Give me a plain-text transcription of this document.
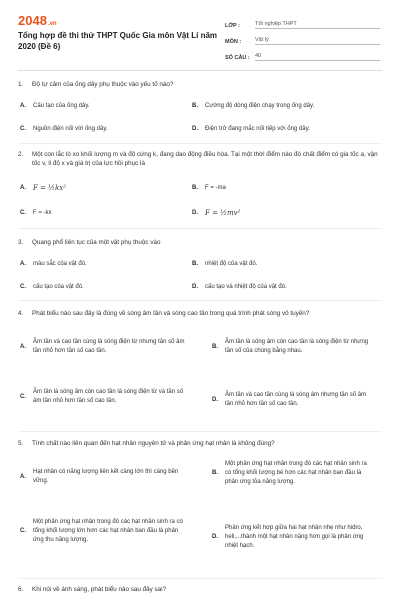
2048.vn
Tổng hợp đề thi thử THPT Quốc Gia môn Vật Lí năm 2020 (Đề 6)
LỚP :	Tốt nghiệp THPT
MÔN :	Vật lý
SỐ CÂU : 40
1.	Độ tự cảm của ống dây phụ thuộc vào yếu tố nào?
A.	Cấu tạo của ống dây.	B.	Cường độ dòng điện chạy trong ống dây.
C.	Nguồn điện nối với ống dây.	D.	Điện trở đang mắc nối tiếp với ống dây.
2.	Một con lắc lò xo khối lượng m và độ cứng k, đang dao động điều hòa. Tại một thời điểm nào đó chất điểm có gia tốc a, vận tốc v, li độ x và giá trị của lực hồi phục là
A.	F = ½kx²	B.	F = -ma
C.	F = -kx	D.	F = ½mv²
3.	Quang phổ liên tục của một vật phụ thuộc vào
A.	màu sắc của vật đó.	B.	nhiệt độ của vật đó.
C.	cấu tạo của vật đó.	D.	cấu tạo và nhiệt độ của vật đó.
4.	Phát biểu nào sau đây là đúng về sóng âm tần và sóng cao tần trong quá trình phát sóng vô tuyến?
A.
Âm tần và cao tần cùng là sóng điện từ nhưng tần số âm tần nhỏ hơn tần số cao tần.
B.
Âm tần là sóng âm còn cao tần là sóng điện từ nhưng tần số của chúng bằng nhau.
C.
Âm tần là sóng âm còn cao tần là sóng điện từ và tần số âm tần nhỏ hơn tần số cao tần.	D.
Âm tần và cao tần cùng là sóng âm nhưng tần số âm tần nhỏ hơn tần số cao tần.
5.	Tính chất nào liên quan đến hạt nhân nguyên tử và phản ứng hạt nhân là không đúng?
A.
Hạt nhân có năng lượng liên kết càng lớn thì càng bền vững.
B.
Một phản ứng hạt nhân trong đó các hạt nhân sinh ra có tổng khối lượng bé hơn các hạt nhân ban đầu là phản ứng tỏa năng lượng.
C.
Một phản ứng hạt nhân trong đó các hạt nhân sinh ra có tổng khối lượng lớn hơn các hạt nhân ban đầu là phản ứng thu năng lượng.	D.
Phản ứng kết hợp giữa hai hạt nhân nhẹ như hidro, heli,...thành một hạt nhân nặng hơn gọi là phản ứng nhiệt hạch.
6.	Khi nói về ánh sáng, phát biểu nào sau đây sai?
